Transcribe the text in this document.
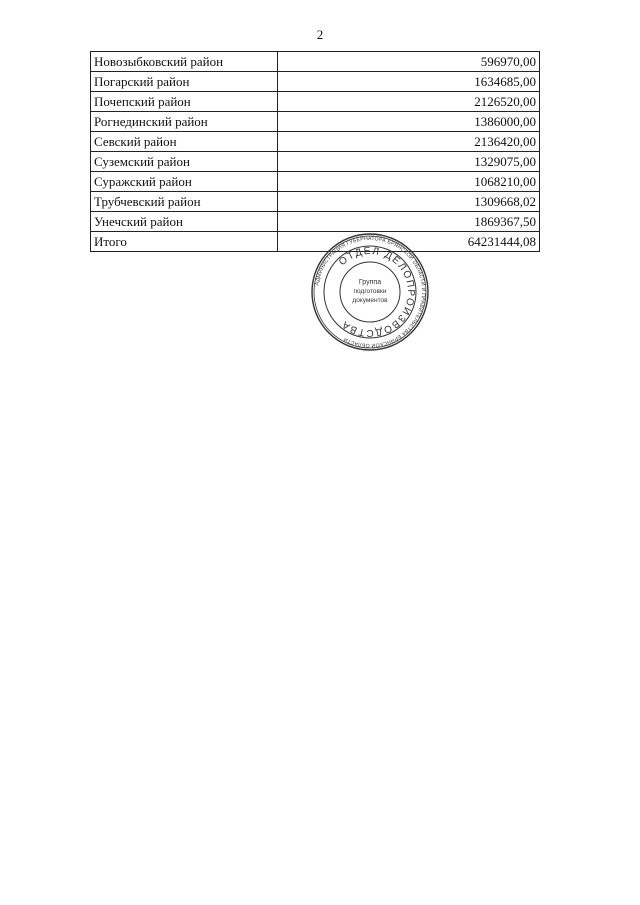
2
Новозыбковский район	596970,00
Погарский район	1634685,00
Почепский район	2126520,00
Рогнединский район	1386000,00
Севский район	2136420,00
Суземский район	1329075,00
Суражский район	1068210,00
Трубчевский район	1309668,02
Унечский район	1869367,50
Итого	64231444,08
АДМИНИСТРАЦИЯ ГУБЕРНАТОРА БРЯНСКОЙ ОБЛАСТИ И ПРАВИТЕЛЬСТВА БРЯНСКОЙ ОБЛАСТИ
ОТДЕЛ ДЕЛОПРОИЗВОДСТВА
Группа
подготовки
документов
